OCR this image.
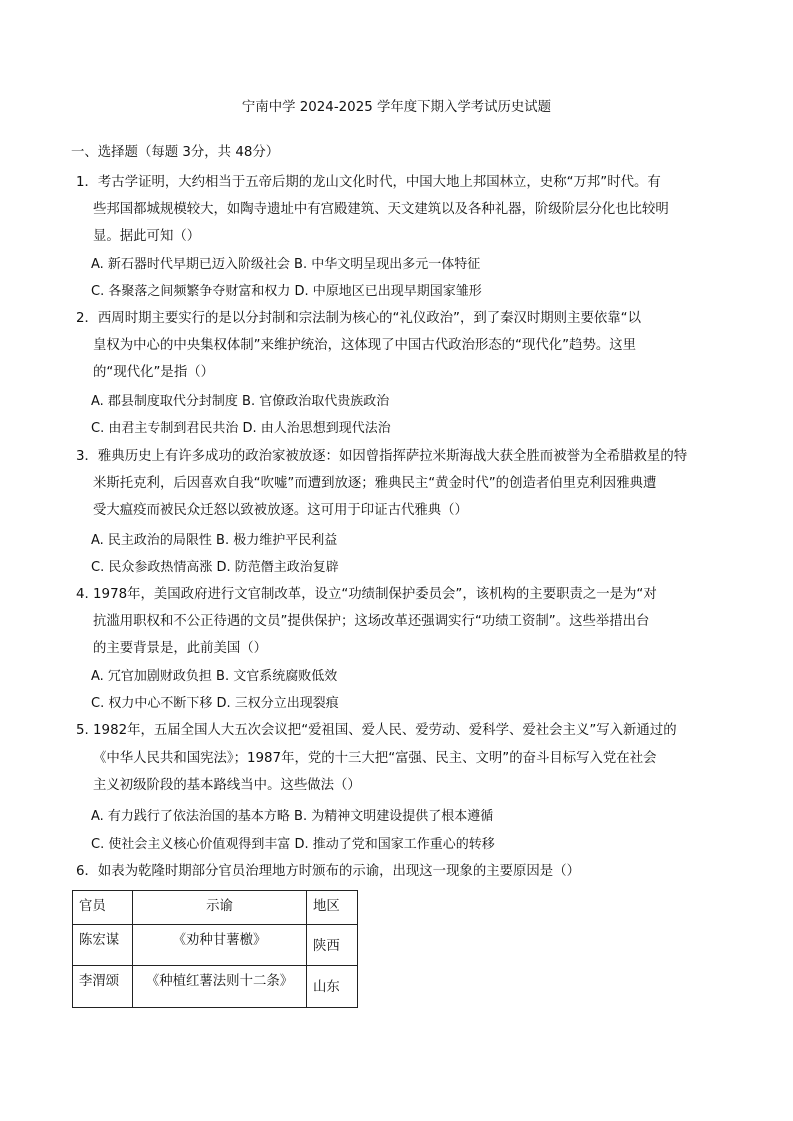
宁南中学 2024-2025 学年度下期入学考试历史试题
一、选择题（每题 3分，共 48分）
1．考古学证明，大约相当于五帝后期的龙山文化时代，中国大地上邦国林立，史称“万邦”时代。有
些邦国都城规模较大，如陶寺遗址中有宫殿建筑、天文建筑以及各种礼器，阶级阶层分化也比较明
显。据此可知（）
A. 新石器时代早期已迈入阶级社会 B. 中华文明呈现出多元一体特征
C. 各聚落之间频繁争夺财富和权力 D. 中原地区已出现早期国家雏形
2．西周时期主要实行的是以分封制和宗法制为核心的“礼仪政治”，到了秦汉时期则主要依靠“以
皇权为中心的中央集权体制”来维护统治，这体现了中国古代政治形态的“现代化”趋势。这里
的“现代化”是指（）
A. 郡县制度取代分封制度 B. 官僚政治取代贵族政治
C. 由君主专制到君民共治 D. 由人治思想到现代法治
3．雅典历史上有许多成功的政治家被放逐：如因曾指挥萨拉米斯海战大获全胜而被誉为全希腊救星的特
米斯托克利，后因喜欢自我“吹嘘”而遭到放逐；雅典民主“黄金时代”的创造者伯里克利因雅典遭
受大瘟疫而被民众迁怒以致被放逐。这可用于印证古代雅典（）
A. 民主政治的局限性 B. 极力维护平民利益
C. 民众参政热情高涨 D. 防范僭主政治复辟
4. 1978年，美国政府进行文官制改革，设立“功绩制保护委员会”，该机构的主要职责之一是为“对
抗滥用职权和不公正待遇的文员”提供保护；这场改革还强调实行“功绩工资制”。这些举措出台
的主要背景是，此前美国（）
A. 冗官加剧财政负担 B. 文官系统腐败低效
C. 权力中心不断下移 D. 三权分立出现裂痕
5. 1982年，五届全国人大五次会议把“爱祖国、爱人民、爱劳动、爱科学、爱社会主义”写入新通过的
《中华人民共和国宪法》；1987年，党的十三大把“富强、民主、文明”的奋斗目标写入党在社会
主义初级阶段的基本路线当中。这些做法（）
A. 有力践行了依法治国的基本方略 B. 为精神文明建设提供了根本遵循
C. 使社会主义核心价值观得到丰富 D. 推动了党和国家工作重心的转移
6．如表为乾隆时期部分官员治理地方时颁布的示谕，出现这一现象的主要原因是（）
官员	示谕	地区
陈宏谋	《劝种甘薯檄》	陕西
李渭颂	《种植红薯法则十二条》	山东
